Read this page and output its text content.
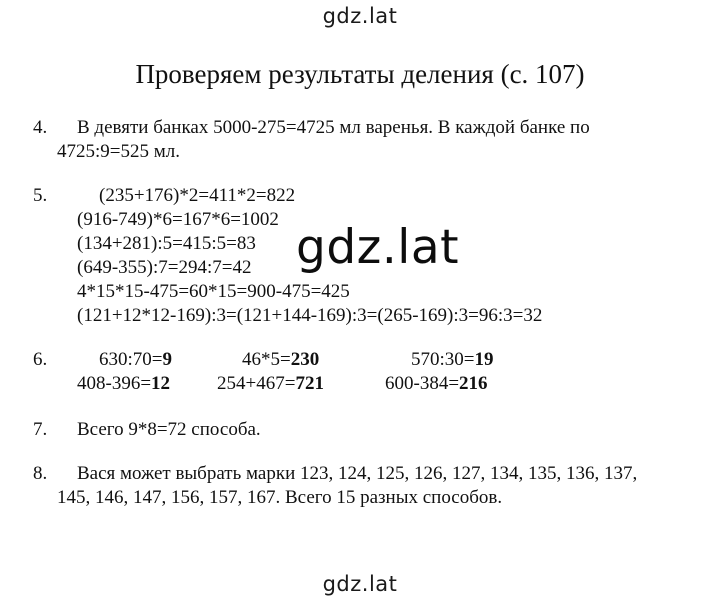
gdz.lat
Проверяем результаты деления (с. 107)
4. В девяти банках 5000-275=4725 мл варенья. В каждой банке по
4725:9=525 мл.
5.	(235+176)*2=411*2=822
(916-749)*6=167*6=1002
(134+281):5=415:5=83
(649-355):7=294:7=42
4*15*15-475=60*15=900-475=425
(121+12*12-169):3=(121+144-169):3=(265-169):3=96:3=32
6.	630:70=9	46*5=230	570:30=19
408-396=12 254+467=721	600-384=216
7. Всего 9*8=72 способа.
8. Вася может выбрать марки 123, 124, 125, 126, 127, 134, 135, 136, 137,
145, 146, 147, 156, 157, 167. Всего 15 разных способов.
gdz.lat
gdz.lat
